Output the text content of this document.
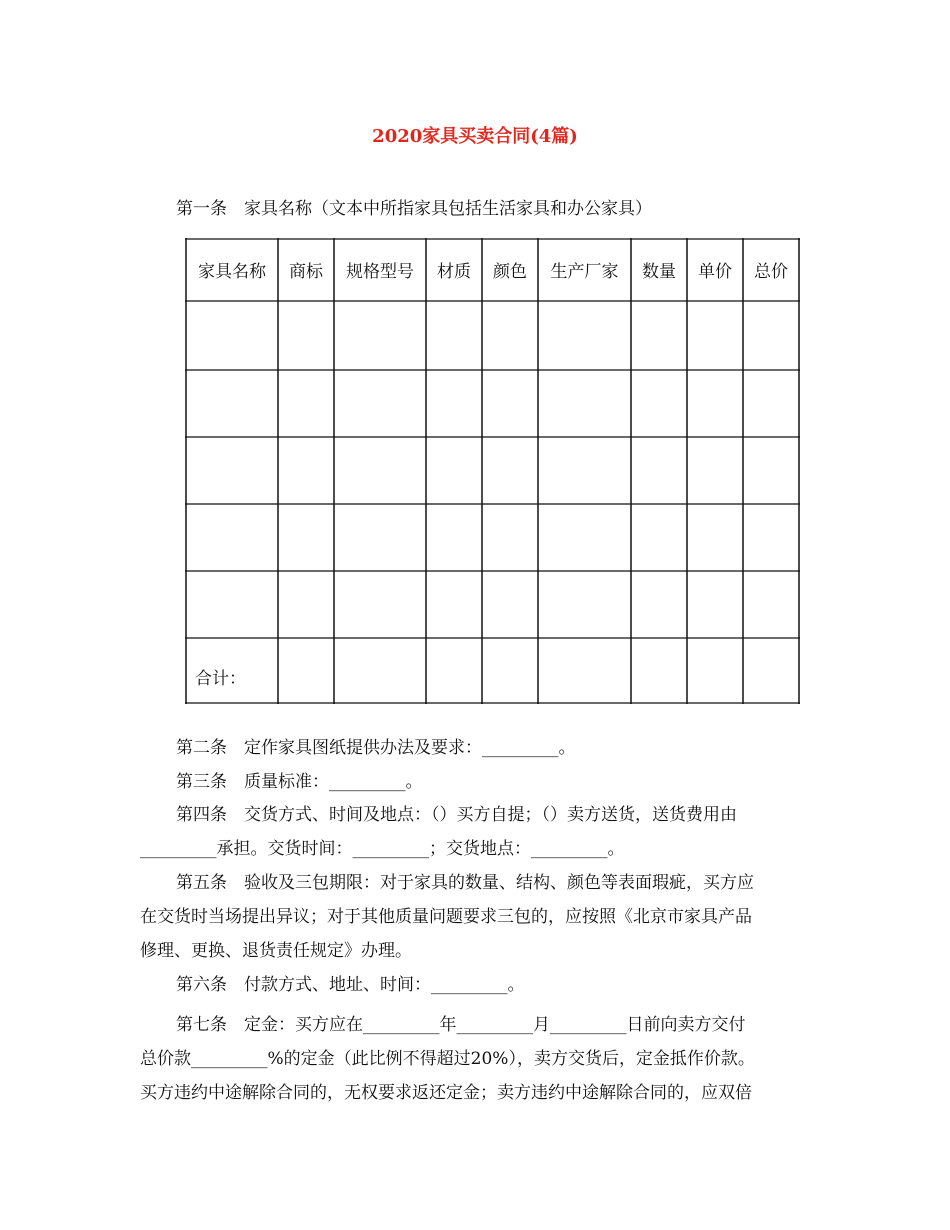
2020家具买卖合同(4篇)
第一条　家具名称（文本中所指家具包括生活家具和办公家具）
家具名称	商标	规格型号	材质	颜色	生产厂家	数量	单价	总价
合计：
第二条　定作家具图纸提供办法及要求：_________。
第三条　质量标准：_________。
第四条　交货方式、时间及地点：（）买方自提；（）卖方送货，送货费用由
_________承担。交货时间：_________；交货地点：_________。
第五条　验收及三包期限：对于家具的数量、结构、颜色等表面瑕疵，买方应
在交货时当场提出异议；对于其他质量问题要求三包的，应按照《北京市家具产品
修理、更换、退货责任规定》办理。
第六条　付款方式、地址、时间：_________。
第七条　定金：买方应在_________年_________月_________日前向卖方交付
总价款_________%的定金（此比例不得超过20%），卖方交货后，定金抵作价款。
买方违约中途解除合同的，无权要求返还定金；卖方违约中途解除合同的，应双倍
